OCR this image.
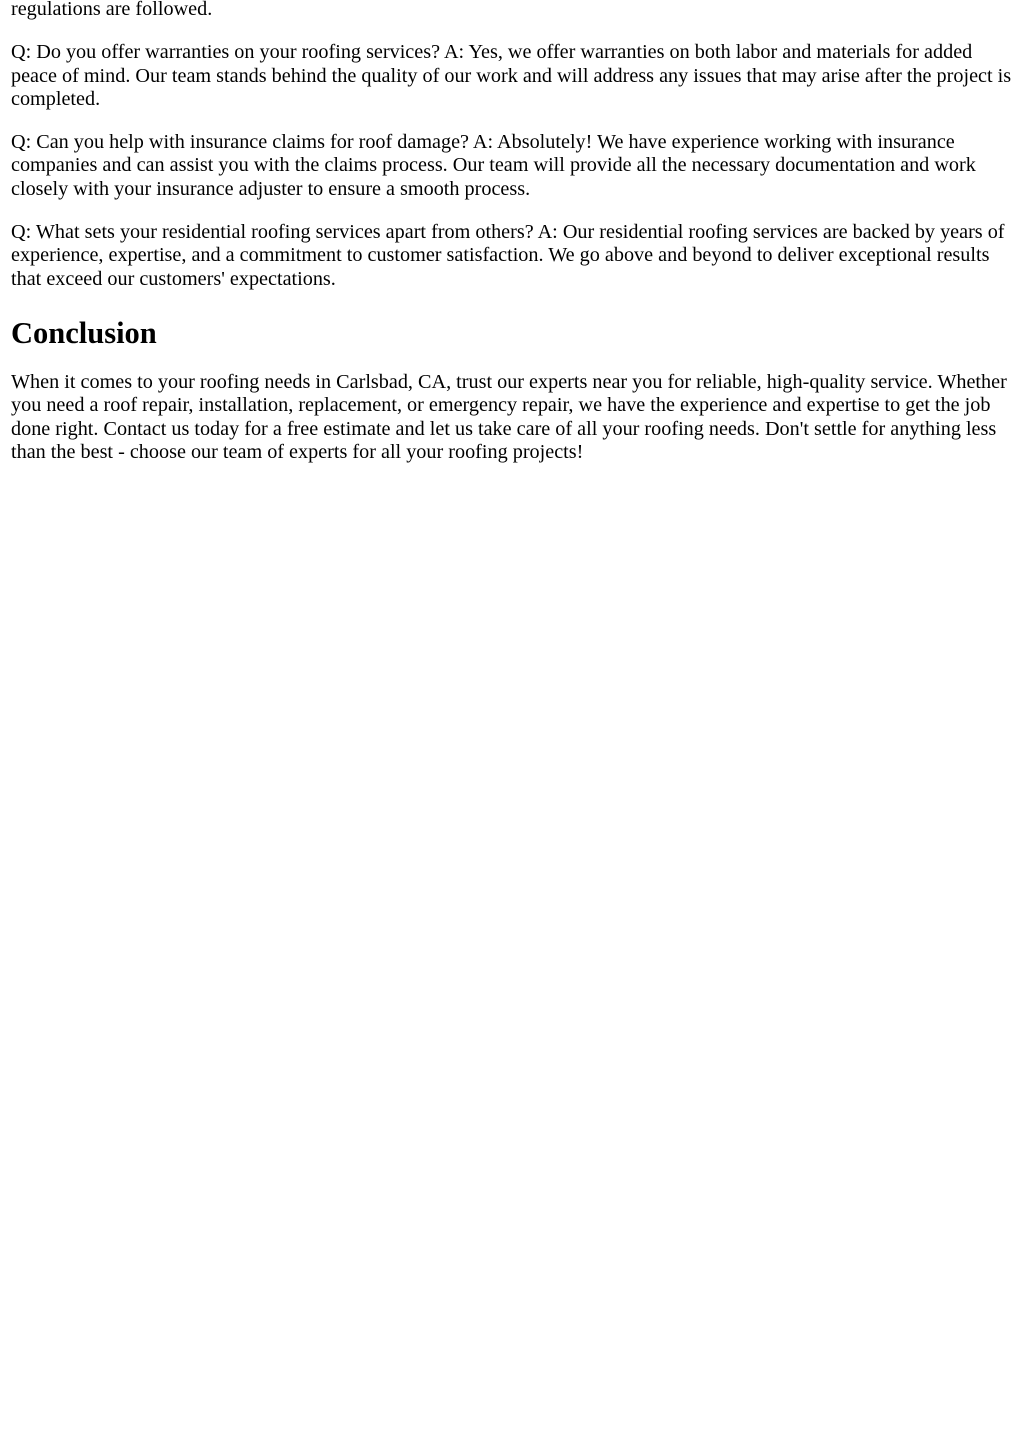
regulations are followed.

Q: Do you offer warranties on your roofing services? A: Yes, we offer warranties on both labor and materials for added peace of mind. Our team stands behind the quality of our work and will address any issues that may arise after the project is completed.

Q: Can you help with insurance claims for roof damage? A: Absolutely! We have experience working with insurance companies and can assist you with the claims process. Our team will provide all the necessary documentation and work closely with your insurance adjuster to ensure a smooth process.

Q: What sets your residential roofing services apart from others? A: Our residential roofing services are backed by years of experience, expertise, and a commitment to customer satisfaction. We go above and beyond to deliver exceptional results that exceed our customers' expectations.

Conclusion

When it comes to your roofing needs in Carlsbad, CA, trust our experts near you for reliable, high-quality service. Whether you need a roof repair, installation, replacement, or emergency repair, we have the experience and expertise to get the job done right. Contact us today for a free estimate and let us take care of all your roofing needs. Don't settle for anything less than the best - choose our team of experts for all your roofing projects!
